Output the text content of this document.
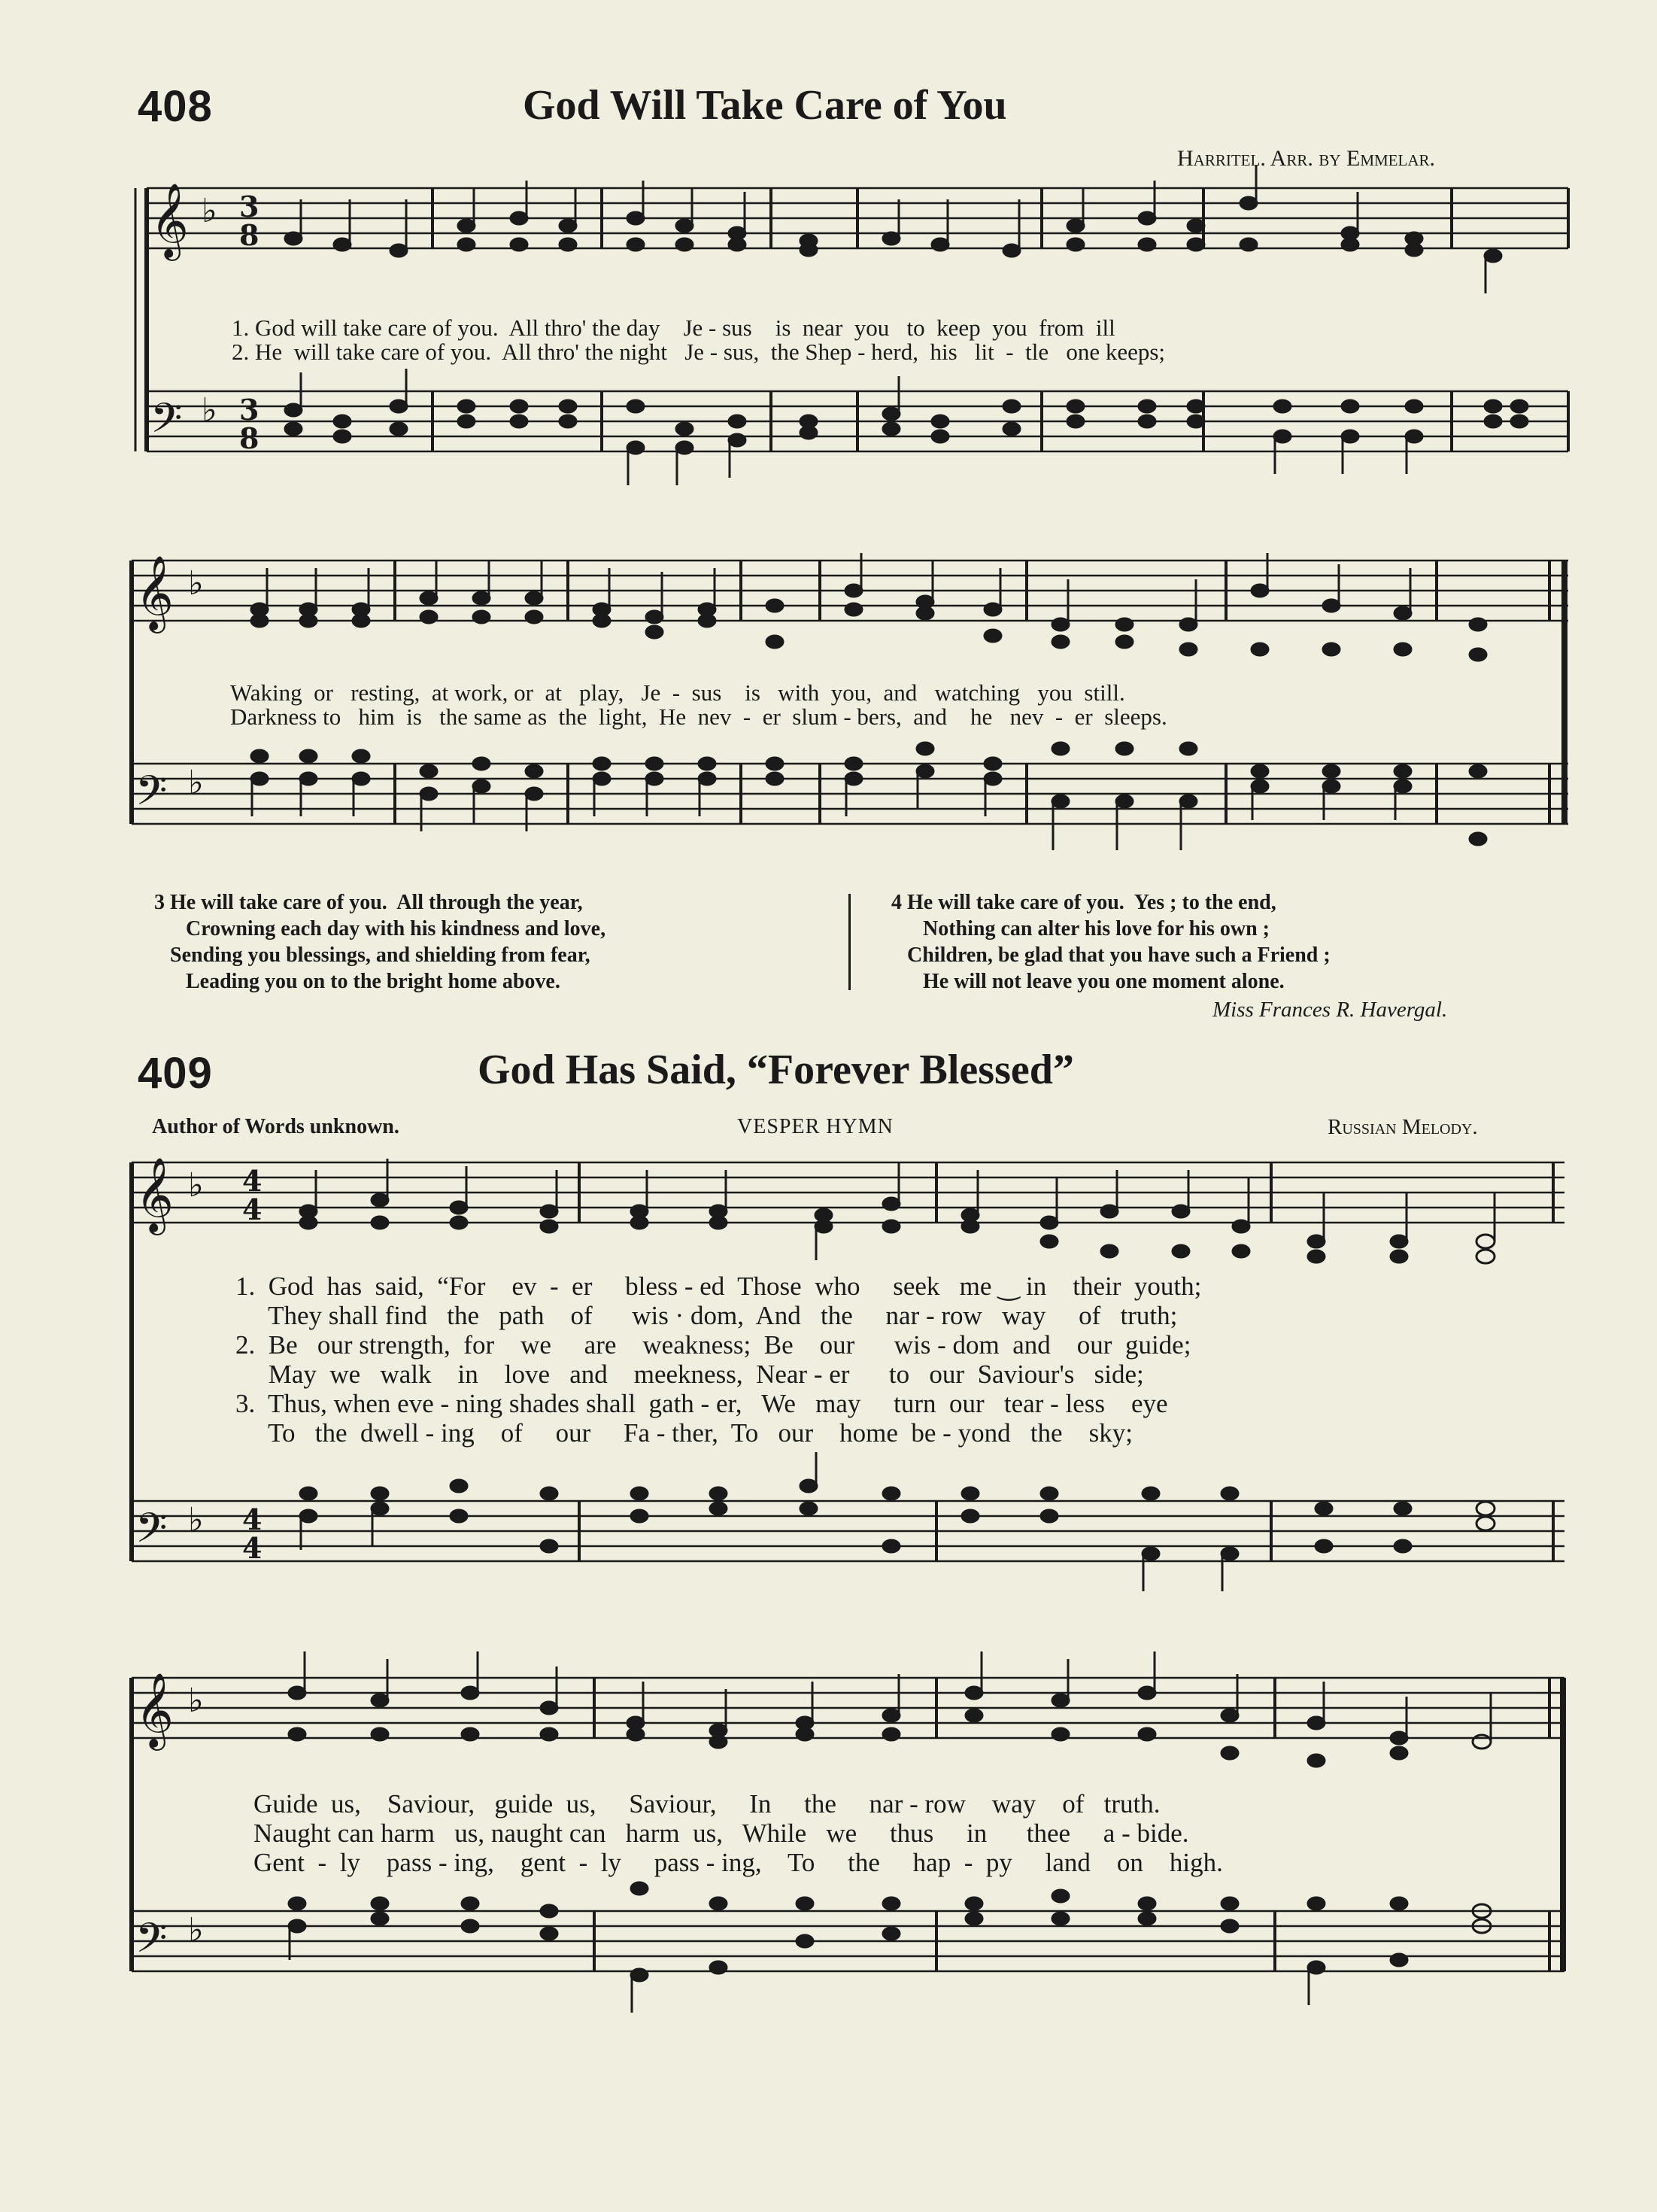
408	God Will Take Care of You
Harritel. Arr. by Emmelar.
𝄞
𝄢
♭
♭
3
8
3
8
1. God will take care of you.  All thro' the day    Je - sus    is  near  you   to  keep  you  from  ill
2. He  will take care of you.  All thro' the night   Je - sus,  the Shep - herd,  his   lit  -  tle   one keeps;
𝄞
𝄢
♭
♭
Waking  or   resting,  at work, or  at   play,   Je  -  sus    is   with  you,  and   watching   you  still.
Darkness to   him  is   the same as  the  light,  He  nev  -  er  slum - bers,  and    he   nev  -  er  sleeps.
3 He will take care of you.  All through the year,
Crowning each day with his kindness and love,
Sending you blessings, and shielding from fear,
Leading you on to the bright home above.
4 He will take care of you.  Yes ; to the end,
Nothing can alter his love for his own ;
Children, be glad that you have such a Friend ;
He will not leave you one moment alone.
Miss Frances R. Havergal.
409	God Has Said, “Forever Blessed”
Author of Words unknown.	VESPER HYMN	Russian Melody.
𝄞
𝄢
♭
♭
4
4
4
4
1.  God  has  said,  “For    ev  -  er     bless - ed  Those  who     seek   me ‿ in    their  youth;
They shall find   the   path    of      wis · dom,  And   the     nar - row   way     of   truth;
2.  Be   our strength,  for    we     are    weakness;  Be    our      wis - dom  and    our  guide;
May  we   walk    in    love   and    meekness,  Near - er      to   our  Saviour's   side;
3.  Thus, when eve - ning shades shall  gath - er,   We   may     turn  our   tear - less    eye
To   the  dwell - ing    of     our     Fa - ther,  To   our    home  be - yond   the    sky;
𝄞
𝄢
♭
♭
Guide  us,    Saviour,   guide  us,     Saviour,     In     the     nar - row    way    of   truth.
Naught can harm   us, naught can   harm  us,   While   we     thus     in      thee     a - bide.
Gent  -  ly    pass - ing,    gent  -  ly     pass - ing,    To     the     hap  -  py     land    on    high.
